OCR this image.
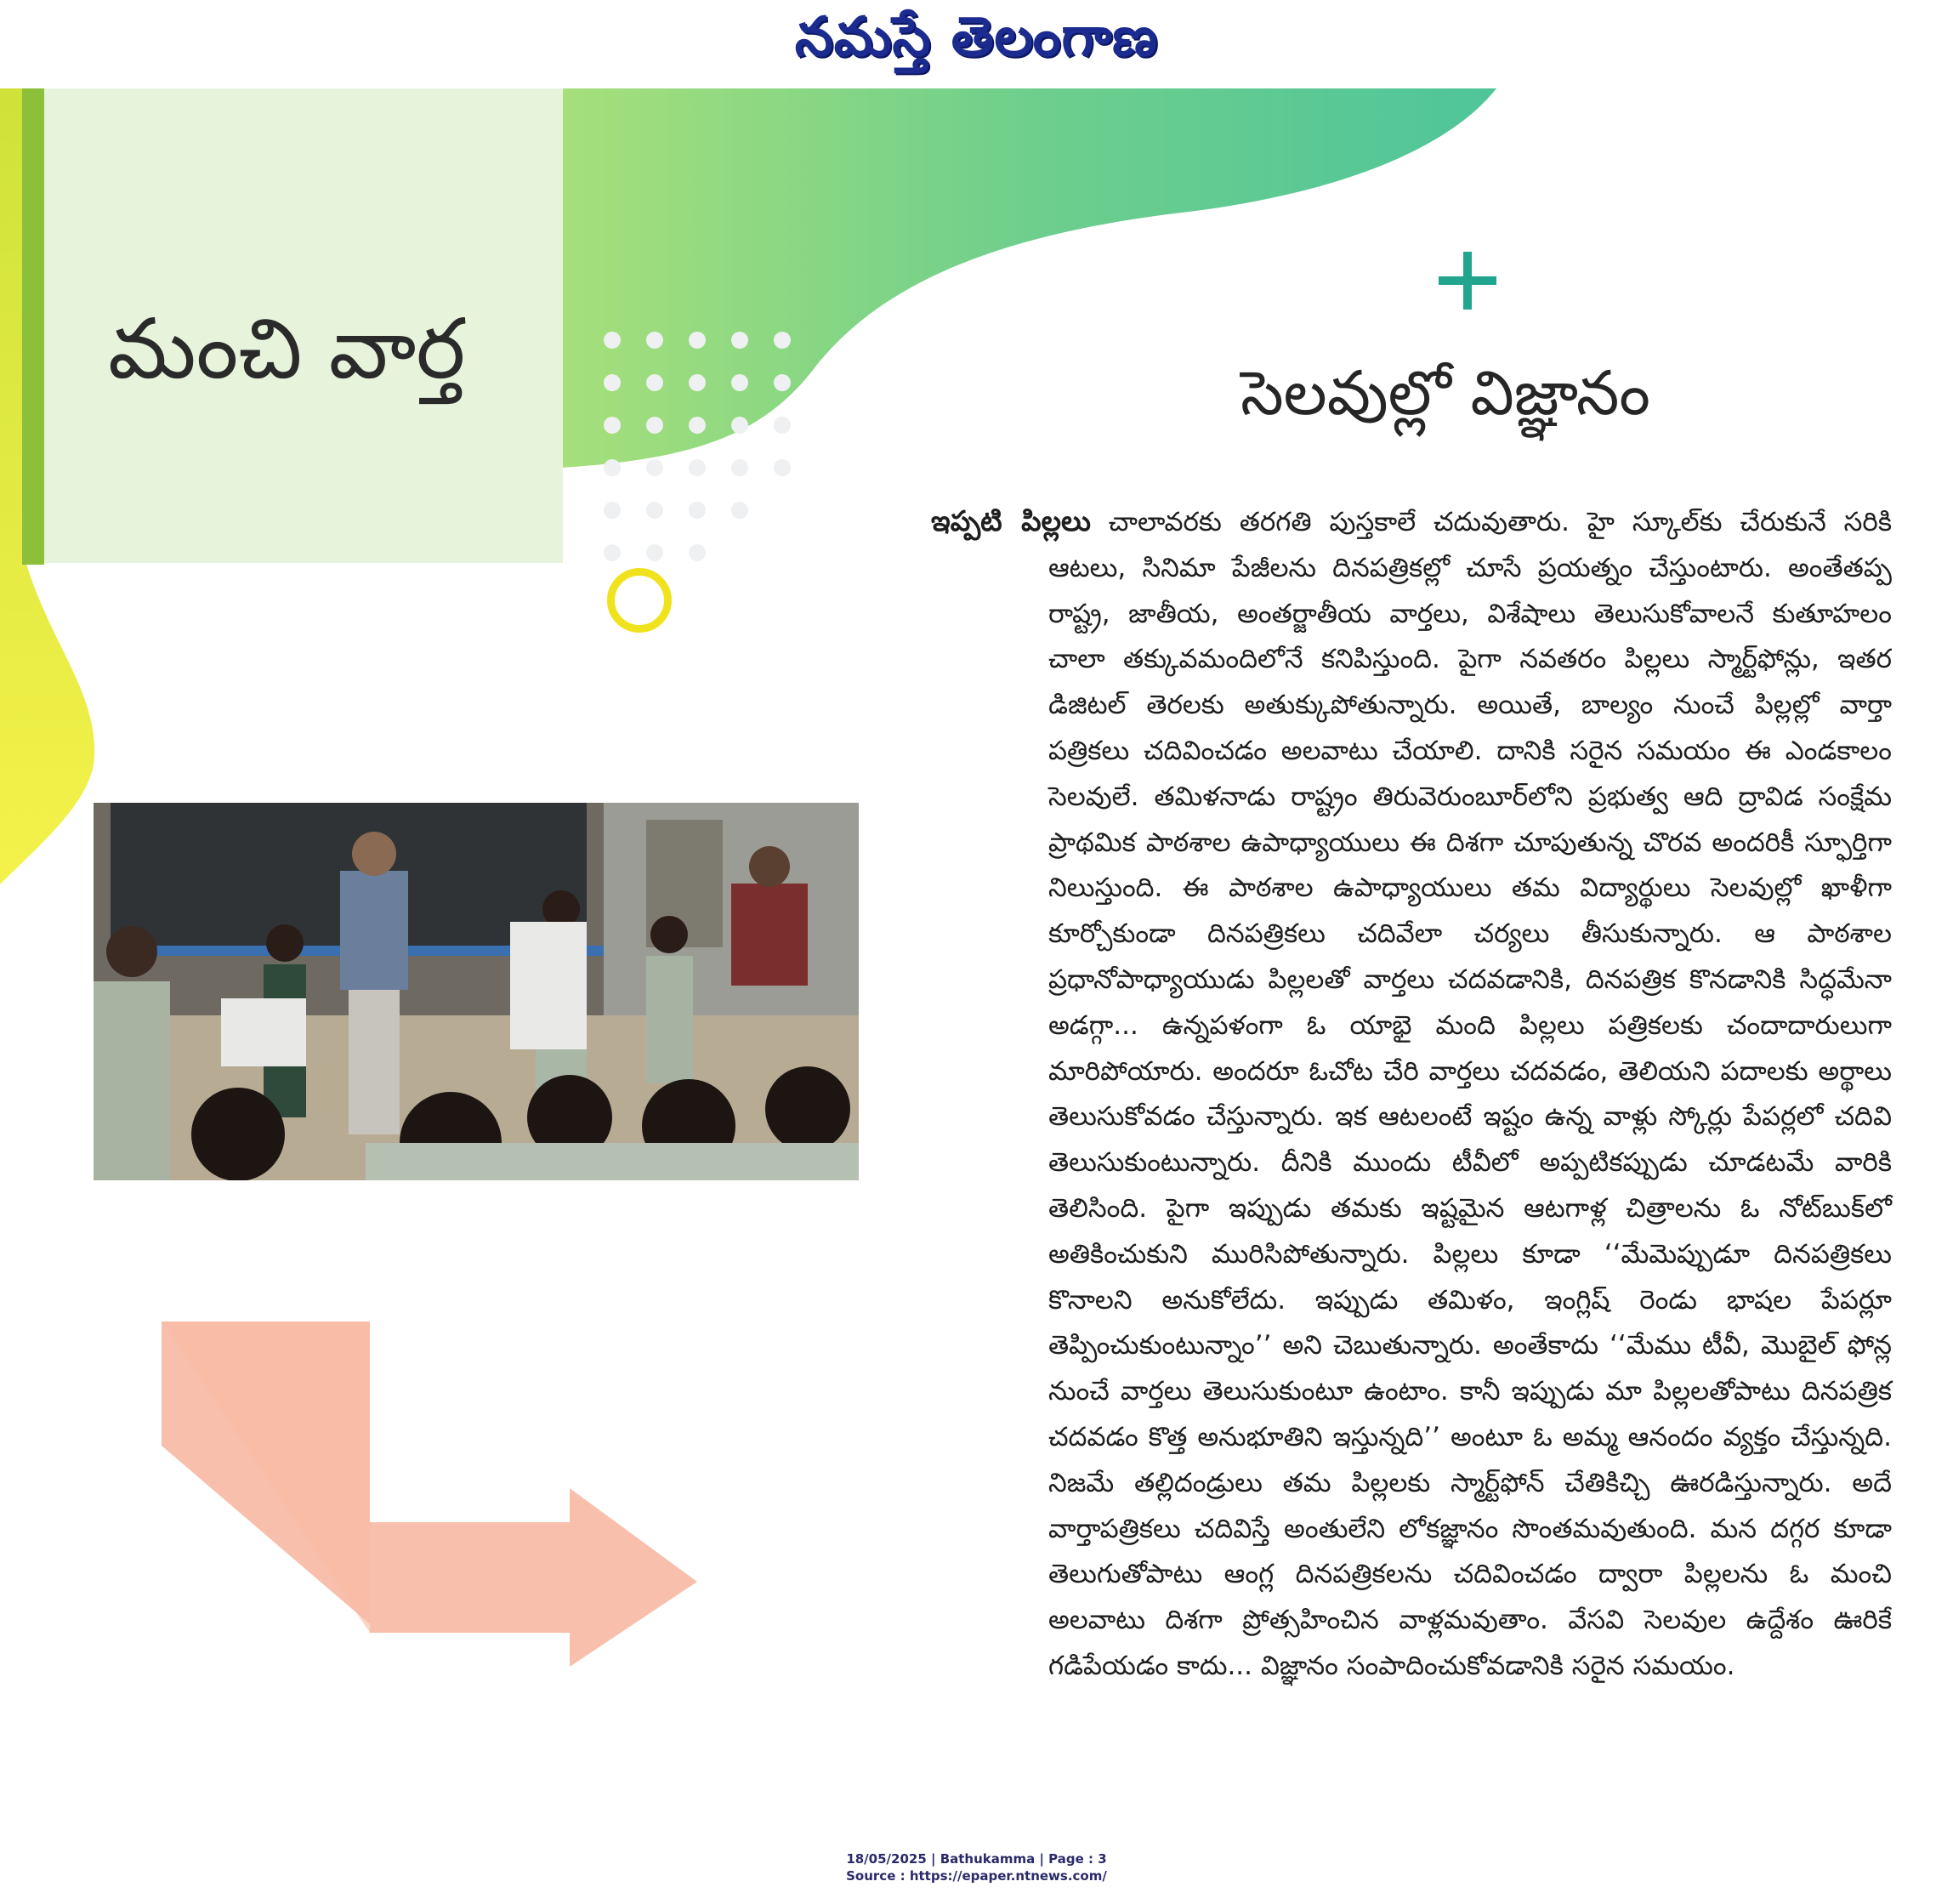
నమస్తే తెలంగాణ
మంచి వార్త	సెలవుల్లో విజ్ఞానం
ఇప్పటి పిల్లలు చాలావరకు తరగతి పుస్తకాలే చదువుతారు. హై స్కూల్‌కు చేరుకునే సరికి ఆటలు, సినిమా పేజీలను దినపత్రికల్లో చూసే ప్రయత్నం చేస్తుంటారు. అంతేతప్ప రాష్ట్ర, జాతీయ, అంతర్జాతీయ వార్తలు, విశేషాలు తెలుసుకోవాలనే కుతూహలం చాలా తక్కువమందిలోనే కనిపిస్తుంది. పైగా నవతరం పిల్లలు స్మార్ట్‌ఫోన్లు, ఇతర డిజిటల్ తెరలకు అతుక్కుపోతున్నారు. అయితే, బాల్యం నుంచే పిల్లల్లో వార్తా పత్రికలు చదివించడం అలవాటు చేయాలి. దానికి సరైన సమయం ఈ ఎండకాలం సెలవులే. తమిళనాడు రాష్ట్రం తిరువెరుంబూర్‌లోని ప్రభుత్వ ఆది ద్రావిడ సంక్షేమ ప్రాథమిక పాఠశాల ఉపాధ్యాయులు ఈ దిశగా చూపుతున్న చొరవ అందరికీ స్ఫూర్తిగా నిలుస్తుంది. ఈ పాఠశాల ఉపాధ్యాయులు తమ విద్యార్థులు సెలవుల్లో ఖాళీగా కూర్చోకుండా దినపత్రికలు చదివేలా చర్యలు తీసుకున్నారు. ఆ పాఠశాల ప్రధానోపాధ్యాయుడు పిల్లలతో వార్తలు చదవడానికి, దినపత్రిక కొనడానికి సిద్ధమేనా అడగ్గా... ఉన్నపళంగా ఓ యాభై మంది పిల్లలు పత్రికలకు చందాదారులుగా మారిపోయారు. అందరూ ఓచోట చేరి వార్తలు చదవడం, తెలియని పదాలకు అర్థాలు తెలుసుకోవడం చేస్తున్నారు. ఇక ఆటలంటే ఇష్టం ఉన్న వాళ్లు స్కోర్లు పేపర్లలో చదివి తెలుసుకుంటున్నారు. దీనికి ముందు టీవీలో అప్పటికప్పుడు చూడటమే వారికి తెలిసింది. పైగా ఇప్పుడు తమకు ఇష్టమైన ఆటగాళ్ల చిత్రాలను ఓ నోట్‌బుక్‌లో అతికించుకుని మురిసిపోతున్నారు. పిల్లలు కూడా ‘‘మేమెప్పుడూ దినపత్రికలు కొనాలని అనుకోలేదు. ఇప్పుడు తమిళం, ఇంగ్లిష్ రెండు భాషల పేపర్లూ తెప్పించుకుంటున్నాం’’ అని చెబుతున్నారు. అంతేకాదు ‘‘మేము టీవీ, మొబైల్ ఫోన్ల నుంచే వార్తలు తెలుసుకుంటూ ఉంటాం. కానీ ఇప్పుడు మా పిల్లలతోపాటు దినపత్రిక చదవడం కొత్త అనుభూతిని ఇస్తున్నది’’ అంటూ ఓ అమ్మ ఆనందం వ్యక్తం చేస్తున్నది. నిజమే తల్లిదండ్రులు తమ పిల్లలకు స్మార్ట్‌ఫోన్ చేతికిచ్చి ఊరడిస్తున్నారు. అదే వార్తాపత్రికలు చదివిస్తే అంతులేని లోకజ్ఞానం సొంతమవుతుంది. మన దగ్గర కూడా తెలుగుతోపాటు ఆంగ్ల దినపత్రికలను చదివించడం ద్వారా పిల్లలను ఓ మంచి అలవాటు దిశగా ప్రోత్సహించిన వాళ్లమవుతాం. వేసవి సెలవుల ఉద్దేశం ఊరికే గడిపేయడం కాదు... విజ్ఞానం సంపాదించుకోవడానికి సరైన సమయం.
18/05/2025 | Bathukamma | Page : 3
Source : https://epaper.ntnews.com/
